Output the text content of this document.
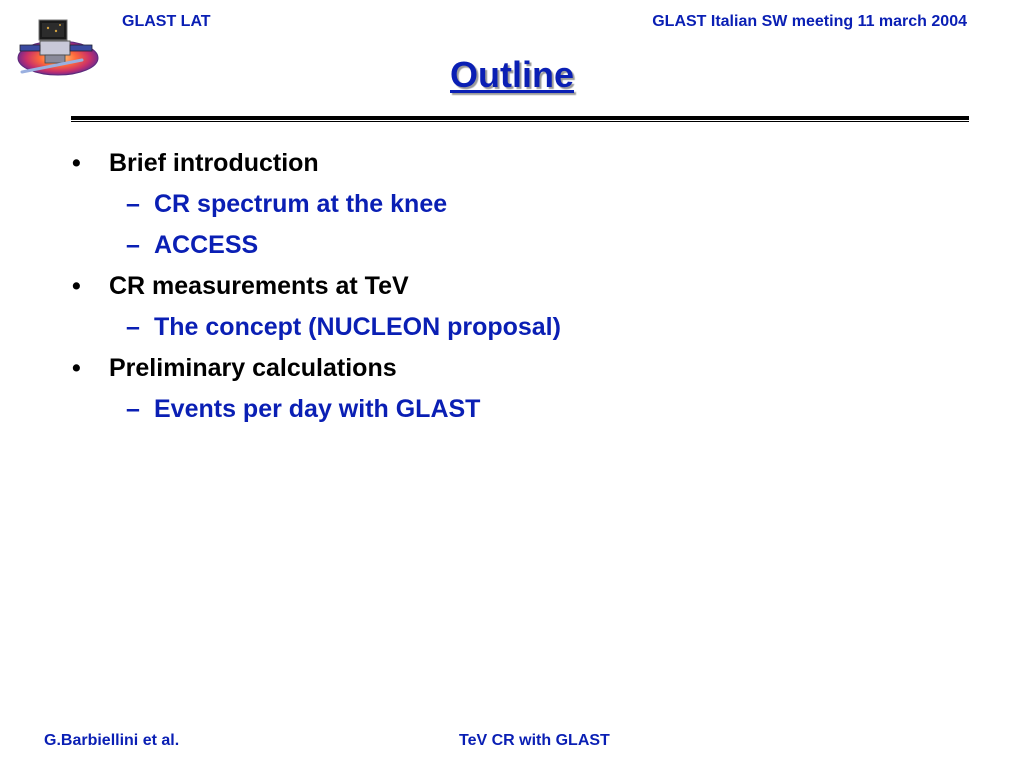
GLAST LAT	GLAST Italian SW meeting 11 march 2004
Outline
• Brief introduction
– CR spectrum at the knee
– ACCESS
• CR measurements at TeV
– The concept (NUCLEON proposal)
• Preliminary calculations
– Events per day with GLAST
G.Barbiellini et al.	TeV CR with GLAST
